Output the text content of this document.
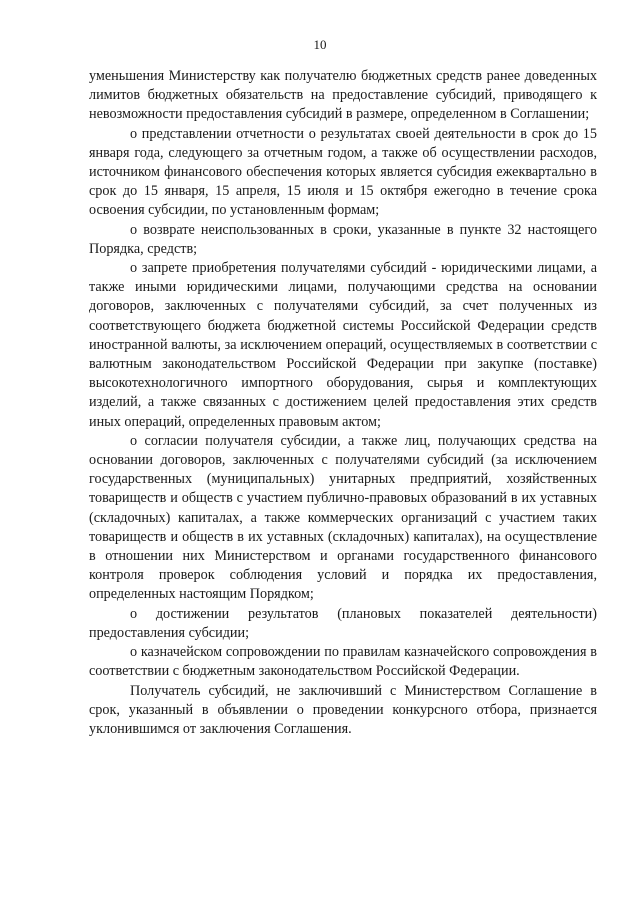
10

уменьшения Министерству как получателю бюджетных средств ранее доведенных лимитов бюджетных обязательств на предоставление субсидий, приводящего к невозможности предоставления субсидий в размере, определенном в Соглашении;

о представлении отчетности о результатах своей деятельности в срок до 15 января года, следующего за отчетным годом, а также об осуществлении расходов, источником финансового обеспечения которых является субсидия ежеквартально в срок до 15 января, 15 апреля, 15 июля и 15 октября ежегодно в течение срока освоения субсидии, по установленным формам;

о возврате неиспользованных в сроки, указанные в пункте 32 настоящего Порядка, средств;

о запрете приобретения получателями субсидий - юридическими лицами, а также иными юридическими лицами, получающими средства на основании договоров, заключенных с получателями субсидий, за счет полученных из соответствующего бюджета бюджетной системы Российской Федерации средств иностранной валюты, за исключением операций, осуществляемых в соответствии с валютным законодательством Российской Федерации при закупке (поставке) высокотехнологичного импортного оборудования, сырья и комплектующих изделий, а также связанных с достижением целей предоставления этих средств иных операций, определенных правовым актом;

о согласии получателя субсидии, а также лиц, получающих средства на основании договоров, заключенных с получателями субсидий (за исключением государственных (муниципальных) унитарных предприятий, хозяйственных товариществ и обществ с участием публично-правовых образований в их уставных (складочных) капиталах, а также коммерческих организаций с участием таких товариществ и обществ в их уставных (складочных) капиталах), на осуществление в отношении них Министерством и органами государственного финансового контроля проверок соблюдения условий и порядка их предоставления, определенных настоящим Порядком;

о достижении результатов (плановых показателей деятельности) предоставления субсидии;

о казначейском сопровождении по правилам казначейского сопровождения в соответствии с бюджетным законодательством Российской Федерации.

Получатель субсидий, не заключивший с Министерством Соглашение в срок, указанный в объявлении о проведении конкурсного отбора, признается уклонившимся от заключения Соглашения.
